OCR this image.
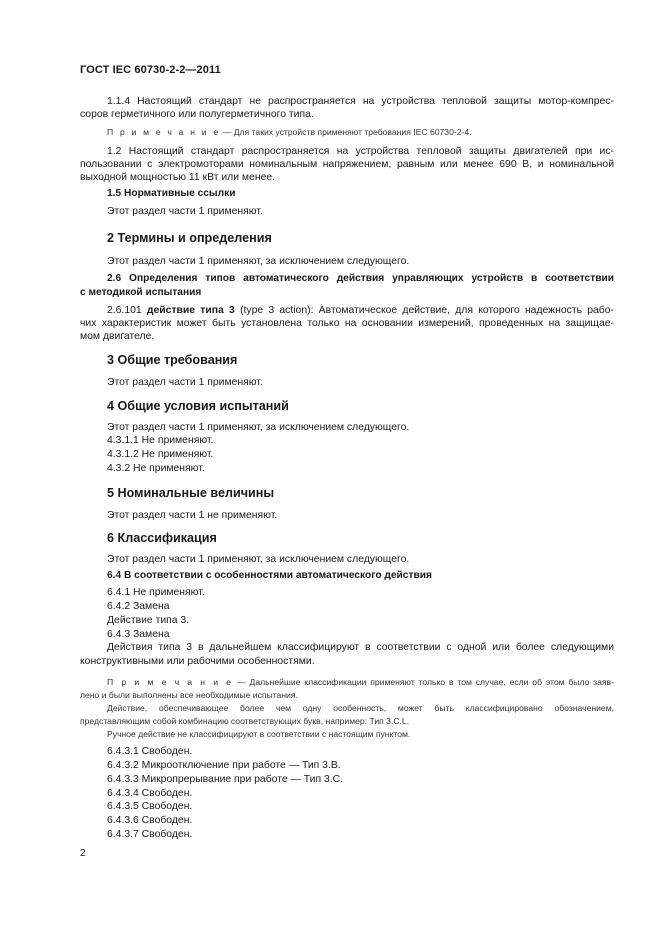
ГОСТ IEC 60730-2-2—2011
1.1.4 Настоящий стандарт не распространяется на устройства тепловой защиты мотор-компрес-
соров герметичного или полугерметичного типа.
П р и м е ч а н и е — Для таких устройств применяют требования IEC 60730-2-4.
1.2 Настоящий стандарт распространяется на устройства тепловой защиты двигателей при ис-
пользовании с электромоторами номинальным напряжением, равным или менее 690 В, и номинальной
выходной мощностью 11 кВт или менее.
1.5 Нормативные ссылки
Этот раздел части 1 применяют.
2 Термины и определения
Этот раздел части 1 применяют, за исключением следующего.
2.6 Определения типов автоматического действия управляющих устройств в соответствии
с методикой испытания
2.6.101 действие типа 3 (type 3 action): Автоматическое действие, для которого надежность рабо-
чих характеристик может быть установлена только на основании измерений, проведенных на защищае-
мом двигателе.
3 Общие требования
Этот раздел части 1 применяют.
4 Общие условия испытаний
Этот раздел части 1 применяют, за исключением следующего.
4.3.1.1 Не применяют.
4.3.1.2 Не применяют.
4.3.2 Не применяют.
5 Номинальные величины
Этот раздел части 1 не применяют.
6 Классификация
Этот раздел части 1 применяют, за исключением следующего.
6.4 В соответствии с особенностями автоматического действия
6.4.1 Не применяют.
6.4.2 Замена
Действие типа 3.
6.4.3 Замена
Действия типа 3 в дальнейшем классифицируют в соответствии с одной или более следующими
конструктивными или рабочими особенностями.
П р и м е ч а н и е — Дальнейшие классификации применяют только в том случае, если об этом было заяв-
лено и были выполнены все необходимые испытания.
Действие, обеспечивающее более чем одну особенность, может быть классифицировано обозначением,
представляющим собой комбинацию соответствующих букв, например: Тип 3.C.L.
Ручное действие не классифицируют в соответствии с настоящим пунктом.
6.4.3.1 Свободен.
6.4.3.2 Микроотключение при работе — Тип 3.B.
6.4.3.3 Микропрерывание при работе — Тип 3.C.
6.4.3.4 Свободен.
6.4.3.5 Свободен.
6.4.3.6 Свободен.
6.4.3.7 Свободен.
2
